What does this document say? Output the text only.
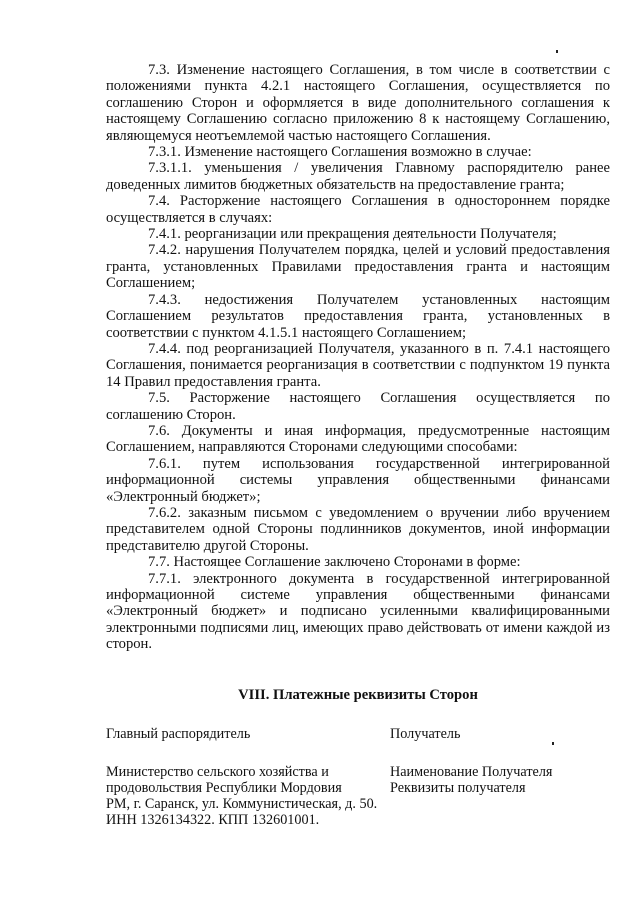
7.3. Изменение настоящего Соглашения, в том числе в соответствии с положениями пункта 4.2.1 настоящего Соглашения, осуществляется по соглашению Сторон и оформляется в виде дополнительного соглашения к настоящему Соглашению согласно приложению 8 к настоящему Соглашению, являющемуся неотъемлемой частью настоящего Соглашения.

7.3.1. Изменение настоящего Соглашения возможно в случае:

7.3.1.1. уменьшения / увеличения Главному распорядителю ранее доведенных лимитов бюджетных обязательств на предоставление гранта;

7.4. Расторжение настоящего Соглашения в одностороннем порядке осуществляется в случаях:

7.4.1. реорганизации или прекращения деятельности Получателя;

7.4.2. нарушения Получателем порядка, целей и условий предоставления гранта, установленных Правилами предоставления гранта и настоящим Соглашением;

7.4.3. недостижения Получателем установленных настоящим Соглашением результатов предоставления гранта, установленных в соответствии с пунктом 4.1.5.1 настоящего Соглашением;

7.4.4. под реорганизацией Получателя, указанного в п. 7.4.1 настоящего Соглашения, понимается реорганизация в соответствии с подпунктом 19 пункта 14 Правил предоставления гранта.

7.5. Расторжение настоящего Соглашения осуществляется по соглашению Сторон.

7.6. Документы и иная информация, предусмотренные настоящим Соглашением, направляются Сторонами следующими способами:

7.6.1. путем использования государственной интегрированной информационной системы управления общественными финансами «Электронный бюджет»;

7.6.2. заказным письмом с уведомлением о вручении либо вручением представителем одной Стороны подлинников документов, иной информации представителю другой Стороны.

7.7. Настоящее Соглашение заключено Сторонами в форме:

7.7.1. электронного документа в государственной интегрированной информационной системе управления общественными финансами «Электронный бюджет» и подписано усиленными квалифицированными электронными подписями лиц, имеющих право действовать от имени каждой из сторон.

VIII. Платежные реквизиты Сторон
Главный распорядитель
Министерство сельского хозяйства и
продовольствия Республики Мордовия
РМ, г. Саранск, ул. Коммунистическая, д. 50.
ИНН 1326134322. КПП 132601001.
Получатель
Наименование Получателя
Реквизиты получателя
